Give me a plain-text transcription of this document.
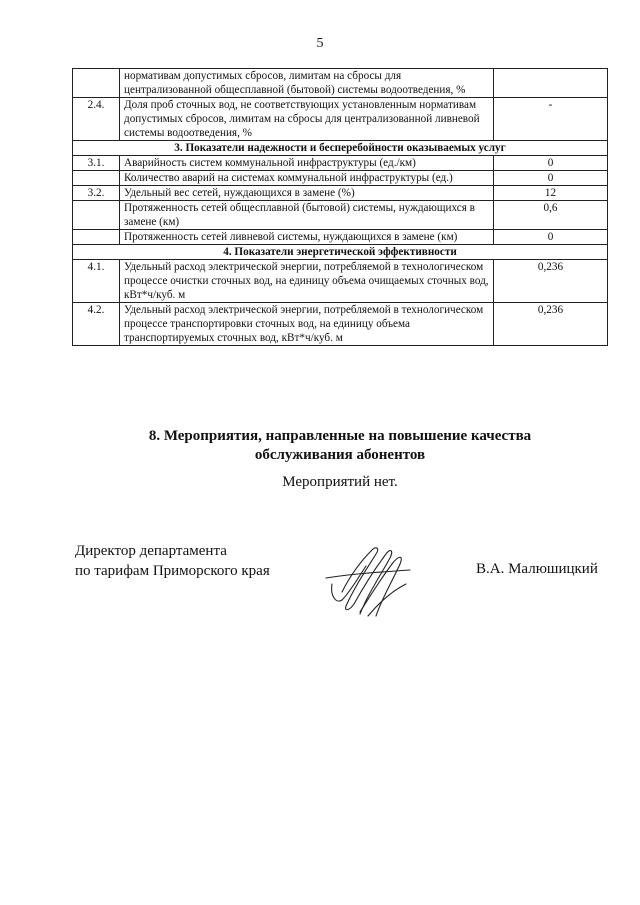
5
	нормативам допустимых сбросов, лимитам на сбросы для централизованной общесплавной (бытовой) системы водоотведения, %	
2.4.	Доля проб сточных вод, не соответствующих установленным нормативам допустимых сбросов, лимитам на сбросы для централизованной ливневой системы водоотведения, %	-
3. Показатели надежности и бесперебойности оказываемых услуг		
3.1.	Аварийность систем коммунальной инфраструктуры (ед./км)	0
	Количество аварий на системах коммунальной инфраструктуры (ед.)	0
3.2.	Удельный вес сетей, нуждающихся в замене (%)	12
	Протяженность сетей общесплавной (бытовой) системы, нуждающихся в замене (км)	0,6
	Протяженность сетей ливневой системы, нуждающихся в замене (км)	0
4. Показатели энергетической эффективности		
4.1.	Удельный расход электрической энергии, потребляемой в технологическом процессе очистки сточных вод, на единицу объема очищаемых сточных вод, кВт*ч/куб. м	0,236
4.2.	Удельный расход электрической энергии, потребляемой в технологическом процессе транспортировки сточных вод, на единицу объема транспортируемых сточных вод, кВт*ч/куб. м	0,236
8. Мероприятия, направленные на повышение качества
обслуживания абонентов
Мероприятий нет.
Директор департамента
по тарифам Приморского края	В.А. Малюшицкий
